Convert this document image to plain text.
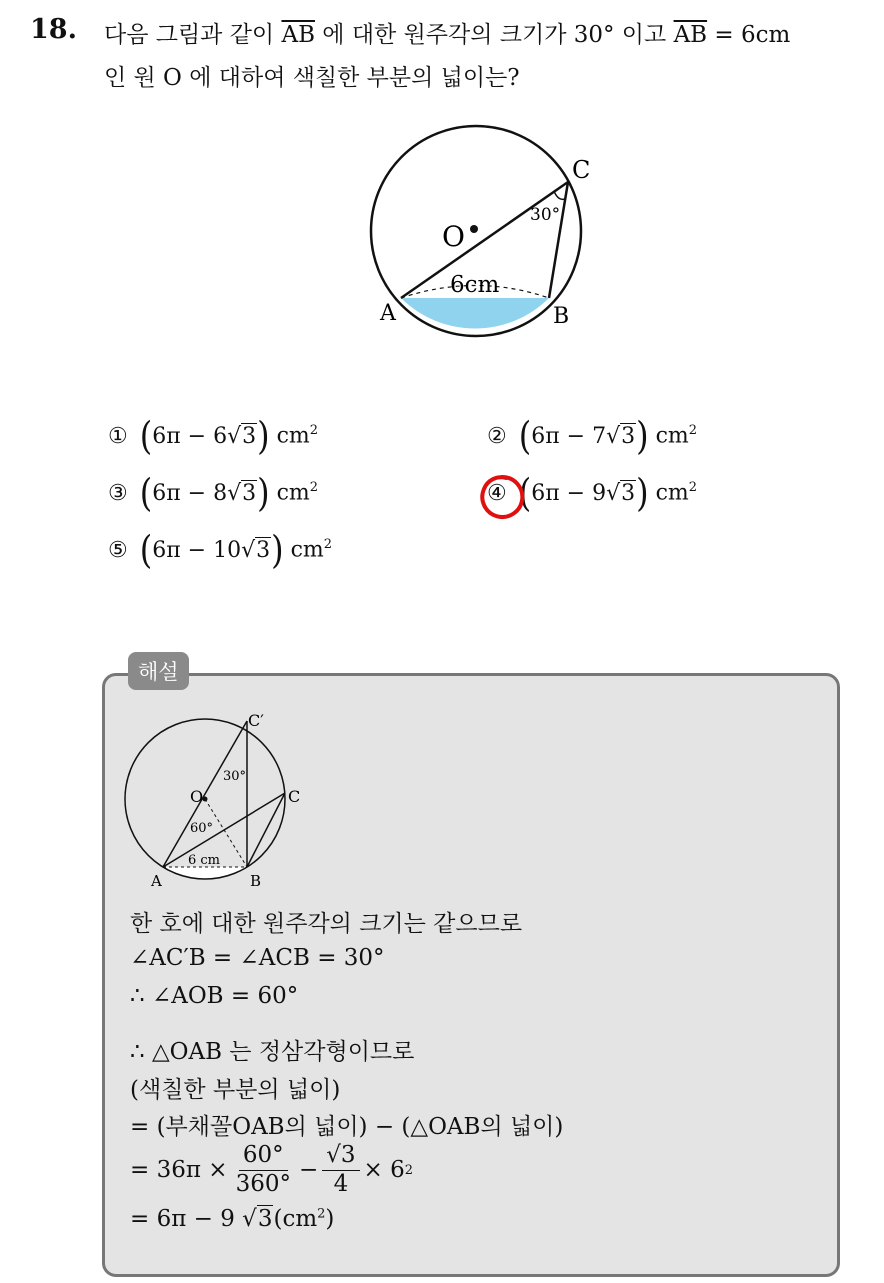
18. 다음 그림과 같이 $\overline{AB}$ 에 대한 원주각의 크기가 30° 이고 $\overline{AB} = 6cm$
인 원 O 에 대하여 색칠한 부분의 넓이는?
C
O
A	B
30°
6cm
① ( 6π − 6 √3 ) $cm^2$	② ( 6π − 7 √3 ) $cm^2$
③ ( 6π − 8 √3 ) $cm^2$	④ ( 6π − 9 √3 ) $cm^2$
⑤ ( 6π − 10 √3 ) $cm^2$
해설
C′
C
O
A	B
30°
60°
6 cm
한 호에 대한 원주각의 크기는 같으므로
∠AC′B = ∠ACB = 30°
∴ ∠AOB = 60°
∴ △OAB 는 정삼각형이므로
(색칠한 부분의 넓이)
= (부채꼴OAB의 넓이) − (△OAB의 넓이)
= $36\pi \times \frac{60^\circ}{360^\circ} - \frac{√3}{4} \times 6$ 2
= 6π − 9 $√3(cm^2)$
